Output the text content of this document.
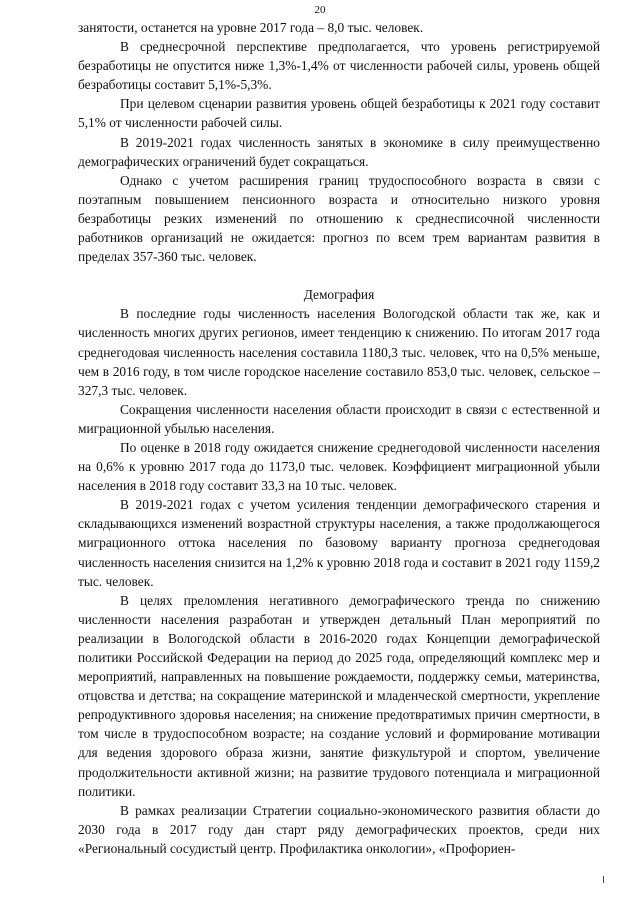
20

занятости, останется на уровне 2017 года – 8,0 тыс. человек.

В среднесрочной перспективе предполагается, что уровень регистрируемой безработицы не опустится ниже 1,3%-1,4% от численности рабочей силы, уровень общей безработицы составит 5,1%-5,3%.

При целевом сценарии развития уровень общей безработицы к 2021 году составит 5,1% от численности рабочей силы.

В 2019-2021 годах численность занятых в экономике в силу преимущественно демографических ограничений будет сокращаться.

Однако с учетом расширения границ трудоспособного возраста в связи с поэтапным повышением пенсионного возраста и относительно низкого уровня безработицы резких изменений по отношению к среднесписочной численности работников организаций не ожидается: прогноз по всем трем вариантам развития в пределах 357-360 тыс. человек.

Демография

В последние годы численность населения Вологодской области так же, как и численность многих других регионов, имеет тенденцию к снижению. По итогам 2017 года среднегодовая численность населения составила 1180,3 тыс. человек, что на 0,5% меньше, чем в 2016 году, в том числе городское население составило 853,0 тыс. человек, сельское – 327,3 тыс. человек.

Сокращения численности населения области происходит в связи с естественной и миграционной убылью населения.

По оценке в 2018 году ожидается снижение среднегодовой численности населения на 0,6% к уровню 2017 года до 1173,0 тыс. человек. Коэффициент миграционной убыли населения в 2018 году составит 33,3 на 10 тыс. человек.

В 2019-2021 годах с учетом усиления тенденции демографического старения и складывающихся изменений возрастной структуры населения, а также продолжающегося миграционного оттока населения по базовому варианту прогноза среднегодовая численность населения снизится на 1,2% к уровню 2018 года и составит в 2021 году 1159,2 тыс. человек.

В целях преломления негативного демографического тренда по снижению численности населения разработан и утвержден детальный План мероприятий по реализации в Вологодской области в 2016-2020 годах Концепции демографической политики Российской Федерации на период до 2025 года, определяющий комплекс мер и мероприятий, направленных на повышение рождаемости, поддержку семьи, материнства, отцовства и детства; на сокращение материнской и младенческой смертности, укрепление репродуктивного здоровья населения; на снижение предотвратимых причин смертности, в том числе в трудоспособном возрасте; на создание условий и формирование мотивации для ведения здорового образа жизни, занятие физкультурой и спортом, увеличение продолжительности активной жизни; на развитие трудового потенциала и миграционной политики.

В рамках реализации Стратегии социально-экономического развития области до 2030 года в 2017 году дан старт ряду демографических проектов, среди них «Региональный сосудистый центр. Профилактика онкологии», «Профориен-
